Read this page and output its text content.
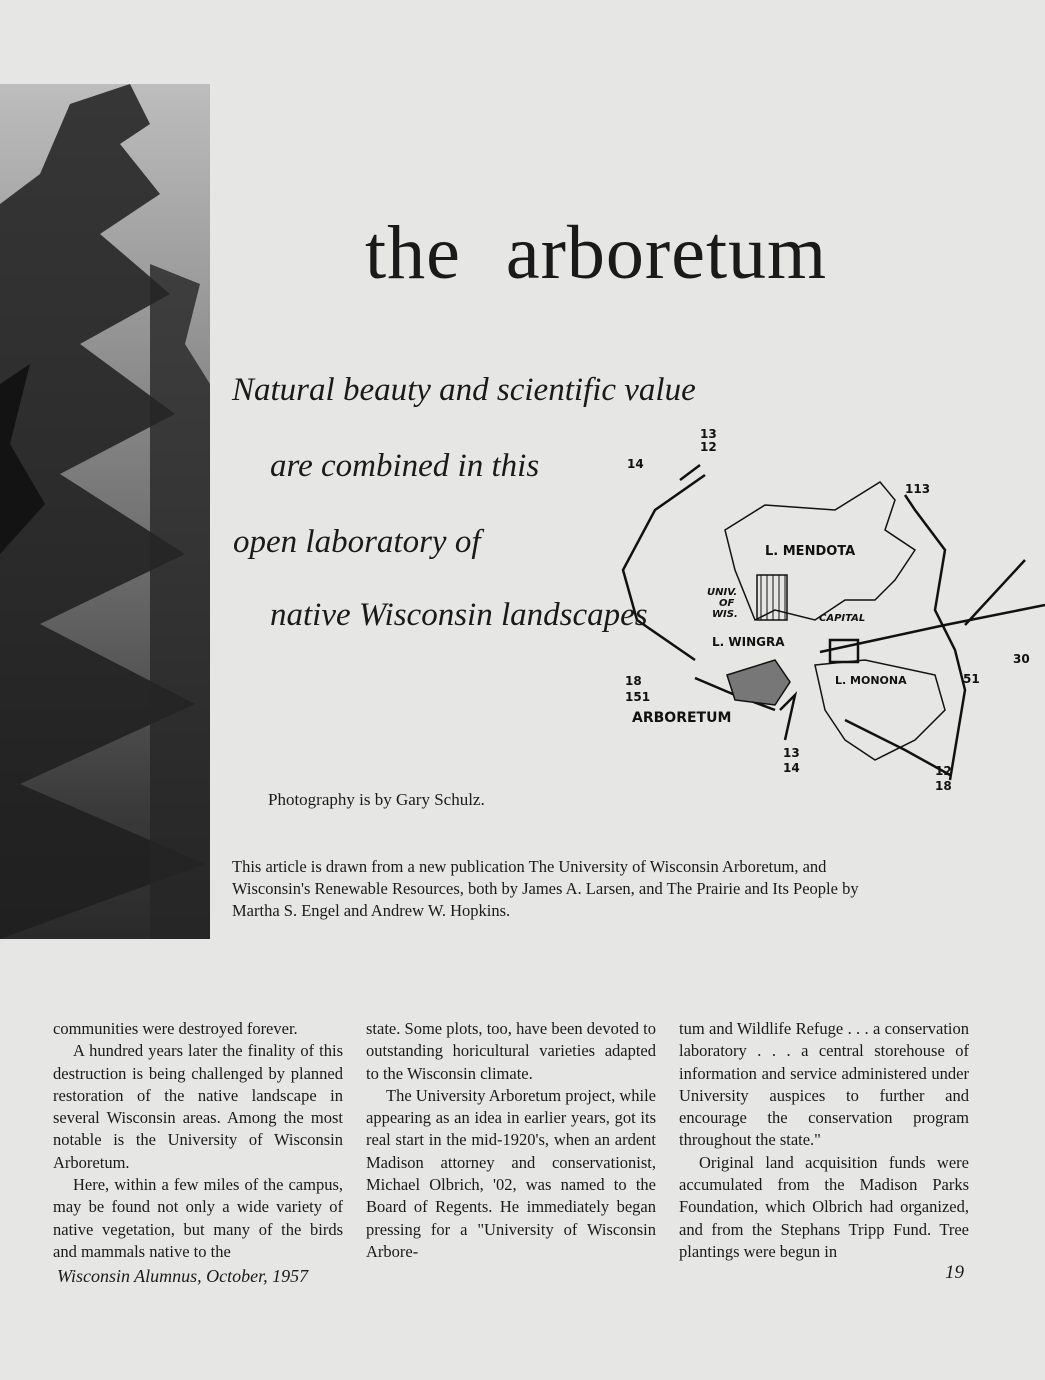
the arboretum

Natural beauty and scientific value

are combined in this

open laboratory of

native Wisconsin landscapes

13
12
14
113
30
51
18
151
13
14	12
18
L. MENDOTA
UNIV.
OF
WIS.	CAPITAL
L. WINGRA
L. MONONA
ARBORETUM

Photography is by Gary Schulz.

This article is drawn from a new publication The University of Wisconsin Arboretum, and Wisconsin's Renewable Resources, both by James A. Larsen, and The Prairie and Its People by Martha S. Engel and Andrew W. Hopkins.

communities were destroyed forever.

A hundred years later the finality of this destruction is being challenged by planned restoration of the native landscape in several Wisconsin areas. Among the most notable is the University of Wisconsin Arboretum.

Here, within a few miles of the campus, may be found not only a wide variety of native vegetation, but many of the birds and mammals native to the

state. Some plots, too, have been devoted to outstanding horicultural varieties adapted to the Wisconsin climate.

The University Arboretum project, while appearing as an idea in earlier years, got its real start in the mid-1920's, when an ardent Madison attorney and conservationist, Michael Olbrich, '02, was named to the Board of Regents. He immediately began pressing for a "University of Wisconsin Arbore-

tum and Wildlife Refuge . . . a conservation laboratory . . . a central storehouse of information and service administered under University auspices to further and encourage the conservation program throughout the state."

Original land acquisition funds were accumulated from the Madison Parks Foundation, which Olbrich had organized, and from the Stephans Tripp Fund. Tree plantings were begun in

Wisconsin Alumnus, October, 1957	19
